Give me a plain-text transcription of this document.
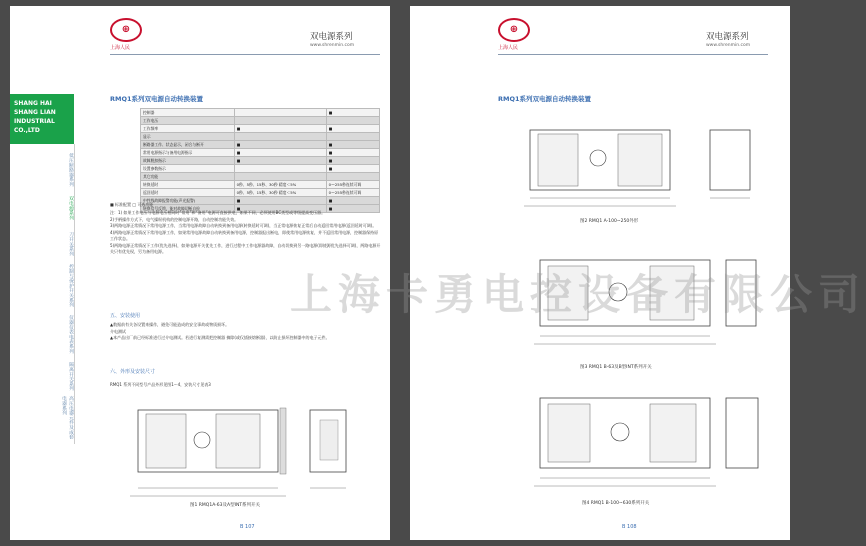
⊕
上海人民
双电源系列
www.shrenmin.com
SHANG HAI
SHANG LIAN
INDUSTRIAL
CO.,LTD
低压断路器系列
双电源系列
刀开关系列
控制与保护开关系列
仪器仪表电表系列
隔离开关系列
高压电器元件及成套电器系列
RMQ1系列双电源自动转换装置
控制器		■
工作电压		
工作频率	■	■
显示		
断路器工作、状态显示，闭合与断开	■	■
常用电源指示与备用电源指示	■	■
故障脱扣指示	■	■
设置参数指示		■
其它功能		
转换延时	0秒、5秒、15秒、30秒 精度＜5%	0～255秒连续可调
返回延时	0秒、5秒、15秒、30秒 精度＜5%	0～255秒连续可调
中性线故障报警功能(声光报警)	■	■
转换信号反馈，能对故障切断自检	■	■
■ 标准配置 □ 可选功能
注：1) 如果工作电压与电源电压相同时“常用”和“备用”电源可直接供电，如果不同，必须使用BC类型或等级提高变压器。
2)手柄操作方式下，电气操纵机构的控制电源开路，自动控制功能失效。
3)两路电源正常情况下常用电源工作，当常用电源故障自动转换到备用电源(转换延时可调)，当正常电源恢复正常后自动返回常用电源(返回延时可调)。
4)两路电源正常情况下常用电源工作，如果常用电源故障自动转换到备用电源，控制器报出断电，即使常用电源恢复，并不返回常用电源，控制器保持原工作状态。
5)两路电源正常情况下工作(优先选择)，如果电源开关优先工作，进行过程中工作电源器故障，自动切换到另一路电源(即使源优先选择可调)，两路电源开关只有优先权，另为备用电源。
五、安装使用
▲数据前有关各设置来操作，避免可能造成的安全事故或物质损坏。
介电测试
▲本产品出厂前已经标准进行过介电测试。若进行复测需把控制器 摘除(或仅插接熔断器)，以防止损坏控制器中的电子元件。
六、外形及安装尺寸
RMQ1 系列不同型号产品外形见图1～4，安装尺寸见表3
图1 RMQ1A-63及A型INT系列开关
B 107
⊕
上海人民
双电源系列
www.shrenmin.com
RMQ1系列双电源自动转换装置
图2 RMQ1 A-100~250外形
图3 RMQ1 B-63及B型INT系列开关
图4 RMQ1 B-100~630系列开关
B 108
上海卡勇电控设备有限公司
